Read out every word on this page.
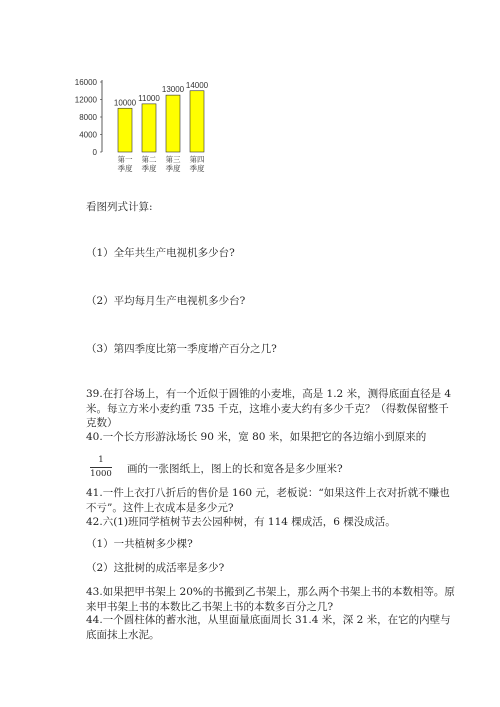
16000
12000
8000
4000
0
10000
第一
季度
11000
第二
季度
13000
第三
季度
14000
第四
季度
看图列式计算:
（1）全年共生产电视机多少台?
（2）平均每月生产电视机多少台?
（3）第四季度比第一季度增产百分之几?
39.在打谷场上，有一个近似于圆锥的小麦堆，高是 1.2 米，测得底面直径是 4
米。每立方米小麦约重 735 千克，这堆小麦大约有多少千克？（得数保留整千
克数）
40.一个长方形游泳场长 90 米，宽 80 米，如果把它的各边缩小到原来的
1
1000 画的一张图纸上，图上的长和宽各是多少厘米?
41.一件上衣打八折后的售价是 160 元，老板说：“如果这件上衣对折就不赚也
不亏”。这件上衣成本是多少元?
42.六(1)班同学植树节去公园种树，有 114 棵成活，6 棵没成活。
（1）一共植树多少棵?
（2）这批树的成活率是多少?
43.如果把甲书架上 20%的书搬到乙书架上，那么两个书架上书的本数相等。原
来甲书架上书的本数比乙书架上书的本数多百分之几?
44.一个圆柱体的蓄水池，从里面量底面周长 31.4 米，深 2 米，在它的内壁与
底面抹上水泥。
